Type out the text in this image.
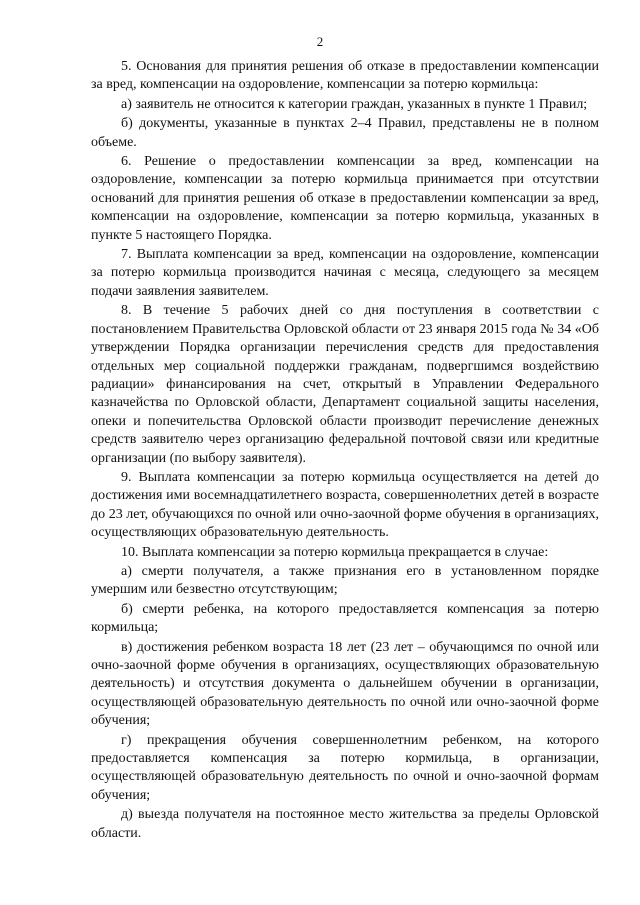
2

5. Основания для принятия решения об отказе в предоставлении компенсации за вред, компенсации на оздоровление, компенсации за потерю кормильца:

а) заявитель не относится к категории граждан, указанных в пункте 1 Правил;

б) документы, указанные в пунктах 2–4 Правил, представлены не в полном объеме.

6. Решение о предоставлении компенсации за вред, компенсации на оздоровление, компенсации за потерю кормильца принимается при отсутствии оснований для принятия решения об отказе в предоставлении компенсации за вред, компенсации на оздоровление, компенсации за потерю кормильца, указанных в пункте 5 настоящего Порядка.

7. Выплата компенсации за вред, компенсации на оздоровление, компенсации за потерю кормильца производится начиная с месяца, следующего за месяцем подачи заявления заявителем.

8. В течение 5 рабочих дней со дня поступления в соответствии с постановлением Правительства Орловской области от 23 января 2015 года № 34 «Об утверждении Порядка организации перечисления средств для предоставления отдельных мер социальной поддержки гражданам, подвергшимся воздействию радиации» финансирования на счет, открытый в Управлении Федерального казначейства по Орловской области, Департамент социальной защиты населения, опеки и попечительства Орловской области производит перечисление денежных средств заявителю через организацию федеральной почтовой связи или кредитные организации (по выбору заявителя).

9. Выплата компенсации за потерю кормильца осуществляется на детей до достижения ими восемнадцатилетнего возраста, совершеннолетних детей в возрасте до 23 лет, обучающихся по очной или очно-заочной форме обучения в организациях, осуществляющих образовательную деятельность.

10. Выплата компенсации за потерю кормильца прекращается в случае:

а) смерти получателя, а также признания его в установленном порядке умершим или безвестно отсутствующим;

б) смерти ребенка, на которого предоставляется компенсация за потерю кормильца;

в) достижения ребенком возраста 18 лет (23 лет – обучающимся по очной или очно-заочной форме обучения в организациях, осуществляющих образовательную деятельность) и отсутствия документа о дальнейшем обучении в организации, осуществляющей образовательную деятельность по очной или очно-заочной форме обучения;

г) прекращения обучения совершеннолетним ребенком, на которого предоставляется компенсация за потерю кормильца, в организации, осуществляющей образовательную деятельность по очной и очно-заочной формам обучения;

д) выезда получателя на постоянное место жительства за пределы Орловской области.
